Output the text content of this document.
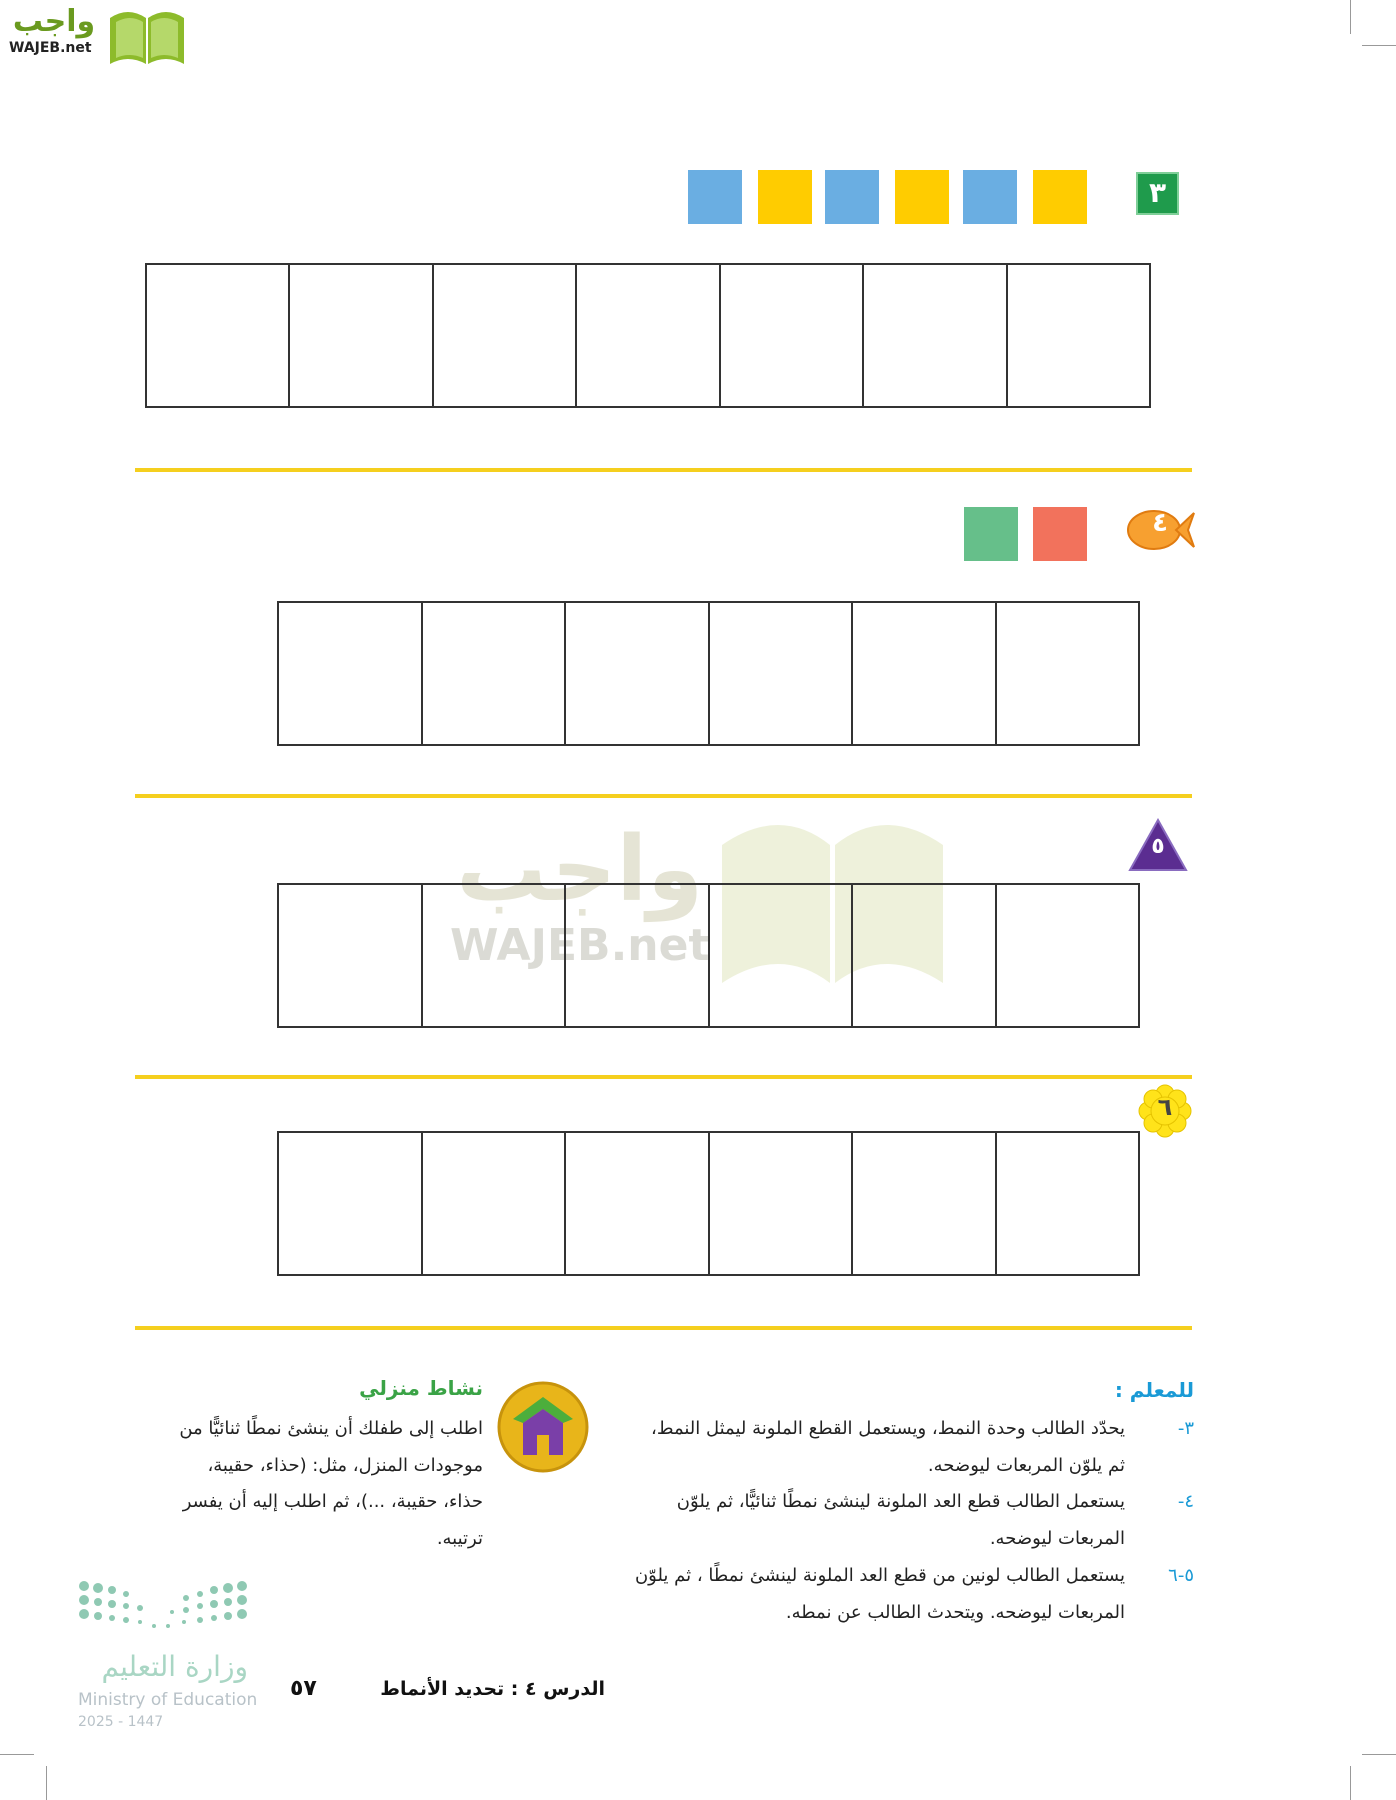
واجب
WAJEB.net
واجب
WAJEB.net
٣
٤
٥
٦
للمعلم :
٣-
يحدّد الطالب وحدة النمط، ويستعمل القطع الملونة ليمثل النمط،
ثم يلوّن المربعات ليوضحه.
٤-
يستعمل الطالب قطع العد الملونة لينشئ نمطًا ثنائيًّا، ثم يلوّن
المربعات ليوضحه.
٥-٦
يستعمل الطالب لونين من قطع العد الملونة لينشئ نمطًا ، ثم يلوّن
المربعات ليوضحه. ويتحدث الطالب عن نمطه.
نشاط منزلي
اطلب إلى طفلك أن ينشئ نمطًا ثنائيًّا من
موجودات المنزل، مثل: (حذاء، حقيبة،
حذاء، حقيبة، ...)، ثم اطلب إليه أن يفسر
ترتيبه.
وزارة التعليم
Ministry of Education
2025 - 1447
٥٧	الدرس ٤ : تحديد الأنماط
